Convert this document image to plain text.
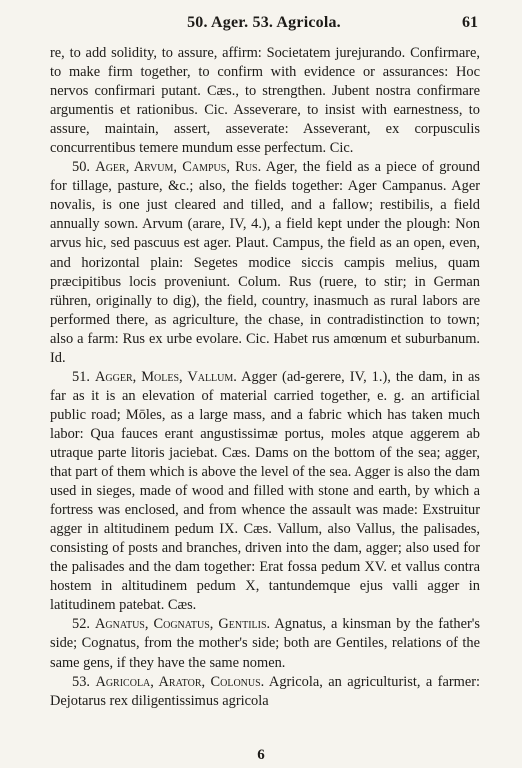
50. Ager. 53. Agricola.	61

re, to add solidity, to assure, affirm: Societatem jurejurando. Confirmare, to make firm together, to confirm with evidence or assurances: Hoc nervos confirmari putant. Cæs., to strengthen. Jubent nostra confirmare argumentis et rationibus. Cic. Asseverare, to insist with earnestness, to assure, maintain, assert, asseverate: Asseverant, ex corpusculis concurrentibus temere mundum esse perfectum. Cic.

50. Ager, Arvum, Campus, Rus. Ager, the field as a piece of ground for tillage, pasture, &c.; also, the fields together: Ager Campanus. Ager novalis, is one just cleared and tilled, and a fallow; restibilis, a field annually sown. Arvum (arare, IV, 4.), a field kept under the plough: Non arvus hic, sed pascuus est ager. Plaut. Campus, the field as an open, even, and horizontal plain: Segetes modice siccis campis melius, quam præcipitibus locis proveniunt. Colum. Rus (ruere, to stir; in German rühren, originally to dig), the field, country, inasmuch as rural labors are performed there, as agriculture, the chase, in contradistinction to town; also a farm: Rus ex urbe evolare. Cic. Habet rus amœnum et suburbanum. Id.

51. Agger, Moles, Vallum. Agger (ad-gerere, IV, 1.), the dam, in as far as it is an elevation of material carried together, e. g. an artificial public road; Mōles, as a large mass, and a fabric which has taken much labor: Qua fauces erant angustissimæ portus, moles atque aggerem ab utraque parte litoris jaciebat. Cæs. Dams on the bottom of the sea; agger, that part of them which is above the level of the sea. Agger is also the dam used in sieges, made of wood and filled with stone and earth, by which a fortress was enclosed, and from whence the assault was made: Exstruitur agger in altitudinem pedum IX. Cæs. Vallum, also Vallus, the palisades, consisting of posts and branches, driven into the dam, agger; also used for the palisades and the dam together: Erat fossa pedum XV. et vallus contra hostem in altitudinem pedum X, tantundemque ejus valli agger in latitudinem patebat. Cæs.

52. Agnatus, Cognatus, Gentilis. Agnatus, a kinsman by the father's side; Cognatus, from the mother's side; both are Gentiles, relations of the same gens, if they have the same nomen.

53. Agricola, Arator, Colonus. Agricola, an agriculturist, a farmer: Dejotarus rex diligentissimus agricola

6
